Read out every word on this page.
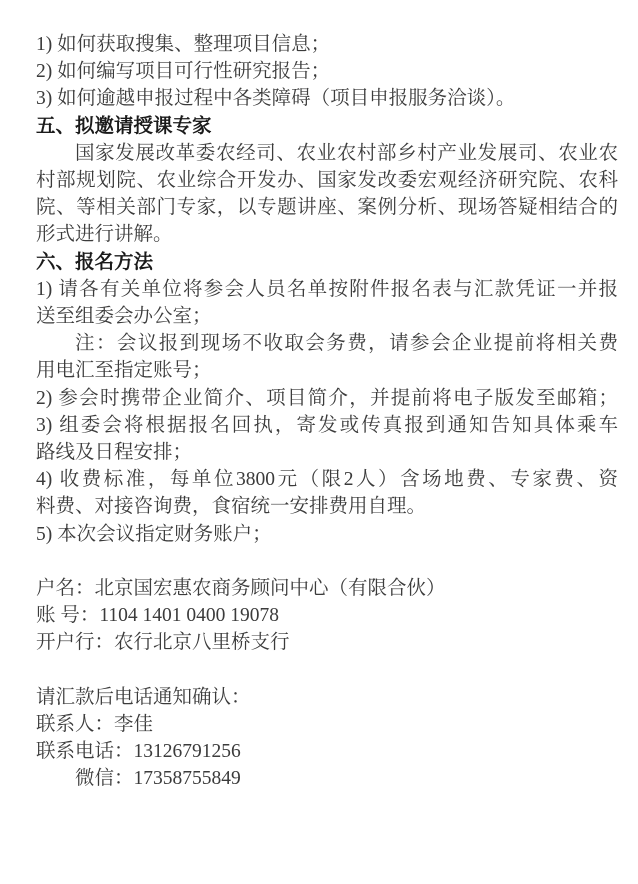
1) 如何获取搜集、整理项目信息；
2) 如何编写项目可行性研究报告；
3) 如何逾越申报过程中各类障碍（项目申报服务洽谈）。
五、拟邀请授课专家
国家发展改革委农经司、农业农村部乡村产业发展司、农业农
村部规划院、农业综合开发办、国家发改委宏观经济研究院、农科
院、等相关部门专家，以专题讲座、案例分析、现场答疑相结合的
形式进行讲解。
六、报名方法
1) 请各有关单位将参会人员名单按附件报名表与汇款凭证一并报
送至组委会办公室；
注：会议报到现场不收取会务费，请参会企业提前将相关费
用电汇至指定账号；
2) 参会时携带企业简介、项目简介，并提前将电子版发至邮箱；
3) 组委会将根据报名回执，寄发或传真报到通知告知具体乘车
路线及日程安排；
4) 收费标准，每单位3800元（限2人）含场地费、专家费、资
料费、对接咨询费，食宿统一安排费用自理。
5) 本次会议指定财务账户；
户名：北京国宏惠农商务顾问中心（有限合伙）
账 号：1104 1401 0400 19078
开户行：农行北京八里桥支行
请汇款后电话通知确认：
联系人：李佳
联系电话：13126791256
微信：17358755849
